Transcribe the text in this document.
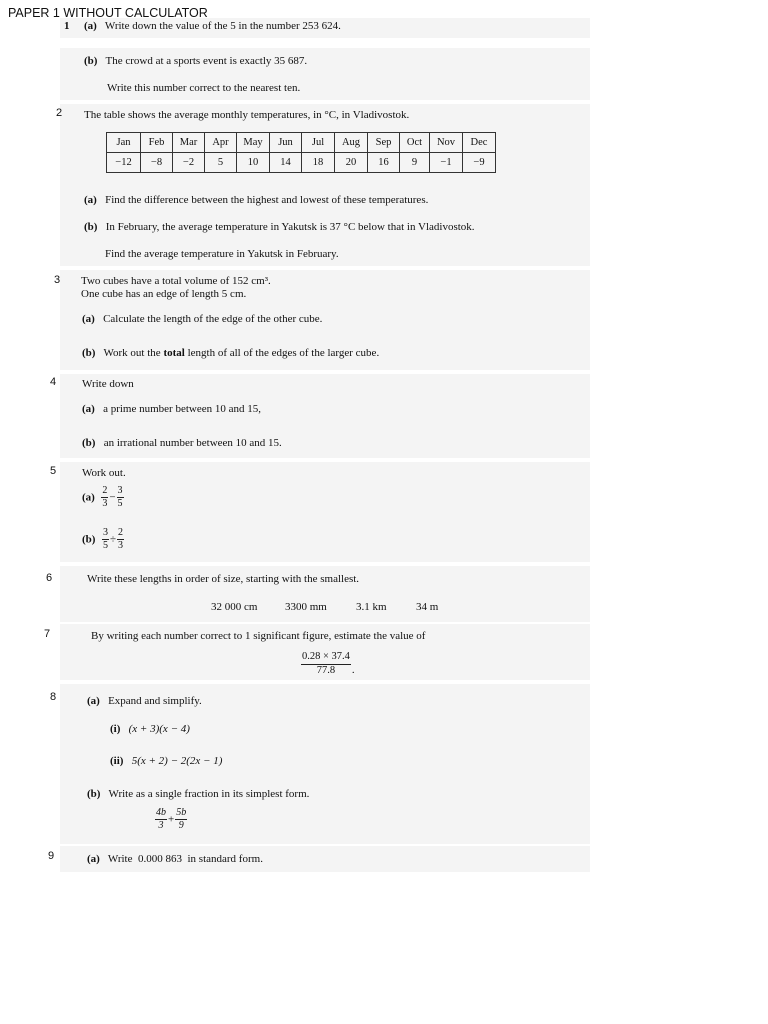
PAPER 1 WITHOUT CALCULATOR
1 (a) Write down the value of the 5 in the number 253 624.
(b) The crowd at a sports event is exactly 35 687.
Write this number correct to the nearest ten.
2 The table shows the average monthly temperatures, in °C, in Vladivostok.
Jan	Feb	Mar	Apr	May	Jun	Jul	Aug	Sep	Oct	Nov	Dec
−12	−8	−2	5	10	14	18	20	16	9	−1	−9
(a) Find the difference between the highest and lowest of these temperatures.
(b) In February, the average temperature in Yakutsk is 37 °C below that in Vladivostok.
Find the average temperature in Yakutsk in February.
3 Two cubes have a total volume of 152 cm³.
One cube has an edge of length 5 cm.
(a) Calculate the length of the edge of the other cube.
(b) Work out the total length of all of the edges of the larger cube.
4 Write down
(a) a prime number between 10 and 15,
(b) an irrational number between 10 and 15.
5 Work out.
$(a) \frac{2}{3} - \frac{3}{5}$
$(b) \frac{3}{5} \div \frac{2}{3}$
6	Write these lengths in order of size, starting with the smallest.
32 000 cm	3300 mm	3.1 km	34 m
7	By writing each number correct to 1 significant figure, estimate the value of
$\frac{0.28 \times 37.4}{77.8}$ .
8	(a) Expand and simplify.
(i) (x + 3)(x − 4)
(ii) 5(x + 2) − 2(2x − 1)
(b) Write as a single fraction in its simplest form.
$\frac{4b}{3} + \frac{5b}{9}$
9	(a) Write  0.000 863  in standard form.
